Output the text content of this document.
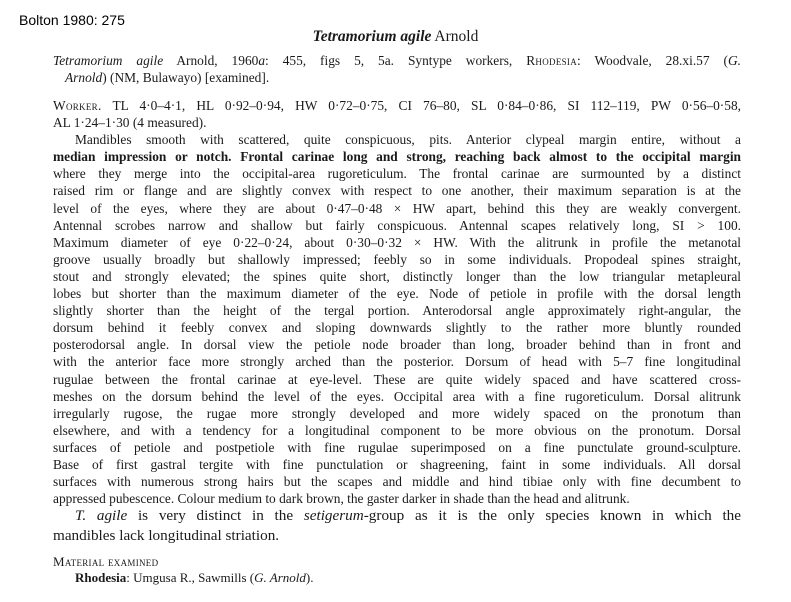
Bolton 1980: 275
Tetramorium agile Arnold
Tetramorium agile Arnold, 1960a: 455, figs 5, 5a. Syntype workers, Rhodesia: Woodvale, 28.xi.57 (G.
Arnold) (NM, Bulawayo) [examined].
Worker. TL 4·0–4·1, HL 0·92–0·94, HW 0·72–0·75, CI 76–80, SL 0·84–0·86, SI 112–119, PW 0·56–0·58,
AL 1·24–1·30 (4 measured).
Mandibles smooth with scattered, quite conspicuous, pits. Anterior clypeal margin entire, without a
median impression or notch. Frontal carinae long and strong, reaching back almost to the occipital margin
where they merge into the occipital-area rugoreticulum. The frontal carinae are surmounted by a distinct
raised rim or flange and are slightly convex with respect to one another, their maximum separation is at the
level of the eyes, where they are about 0·47–0·48 × HW apart, behind this they are weakly convergent.
Antennal scrobes narrow and shallow but fairly conspicuous. Antennal scapes relatively long, SI > 100.
Maximum diameter of eye 0·22–0·24, about 0·30–0·32 × HW. With the alitrunk in profile the metanotal
groove usually broadly but shallowly impressed; feebly so in some individuals. Propodeal spines straight,
stout and strongly elevated; the spines quite short, distinctly longer than the low triangular metapleural
lobes but shorter than the maximum diameter of the eye. Node of petiole in profile with the dorsal length
slightly shorter than the height of the tergal portion. Anterodorsal angle approximately right-angular, the
dorsum behind it feebly convex and sloping downwards slightly to the rather more bluntly rounded
posterodorsal angle. In dorsal view the petiole node broader than long, broader behind than in front and
with the anterior face more strongly arched than the posterior. Dorsum of head with 5–7 fine longitudinal
rugulae between the frontal carinae at eye-level. These are quite widely spaced and have scattered cross-
meshes on the dorsum behind the level of the eyes. Occipital area with a fine rugoreticulum. Dorsal alitrunk
irregularly rugose, the rugae more strongly developed and more widely spaced on the pronotum than
elsewhere, and with a tendency for a longitudinal component to be more obvious on the pronotum. Dorsal
surfaces of petiole and postpetiole with fine rugulae superimposed on a fine punctulate ground-sculpture.
Base of first gastral tergite with fine punctulation or shagreening, faint in some individuals. All dorsal
surfaces with numerous strong hairs but the scapes and middle and hind tibiae only with fine decumbent to
appressed pubescence. Colour medium to dark brown, the gaster darker in shade than the head and alitrunk.
T. agile is very distinct in the setigerum-group as it is the only species known in which the
mandibles lack longitudinal striation.
Material examined
Rhodesia: Umgusa R., Sawmills (G. Arnold).
